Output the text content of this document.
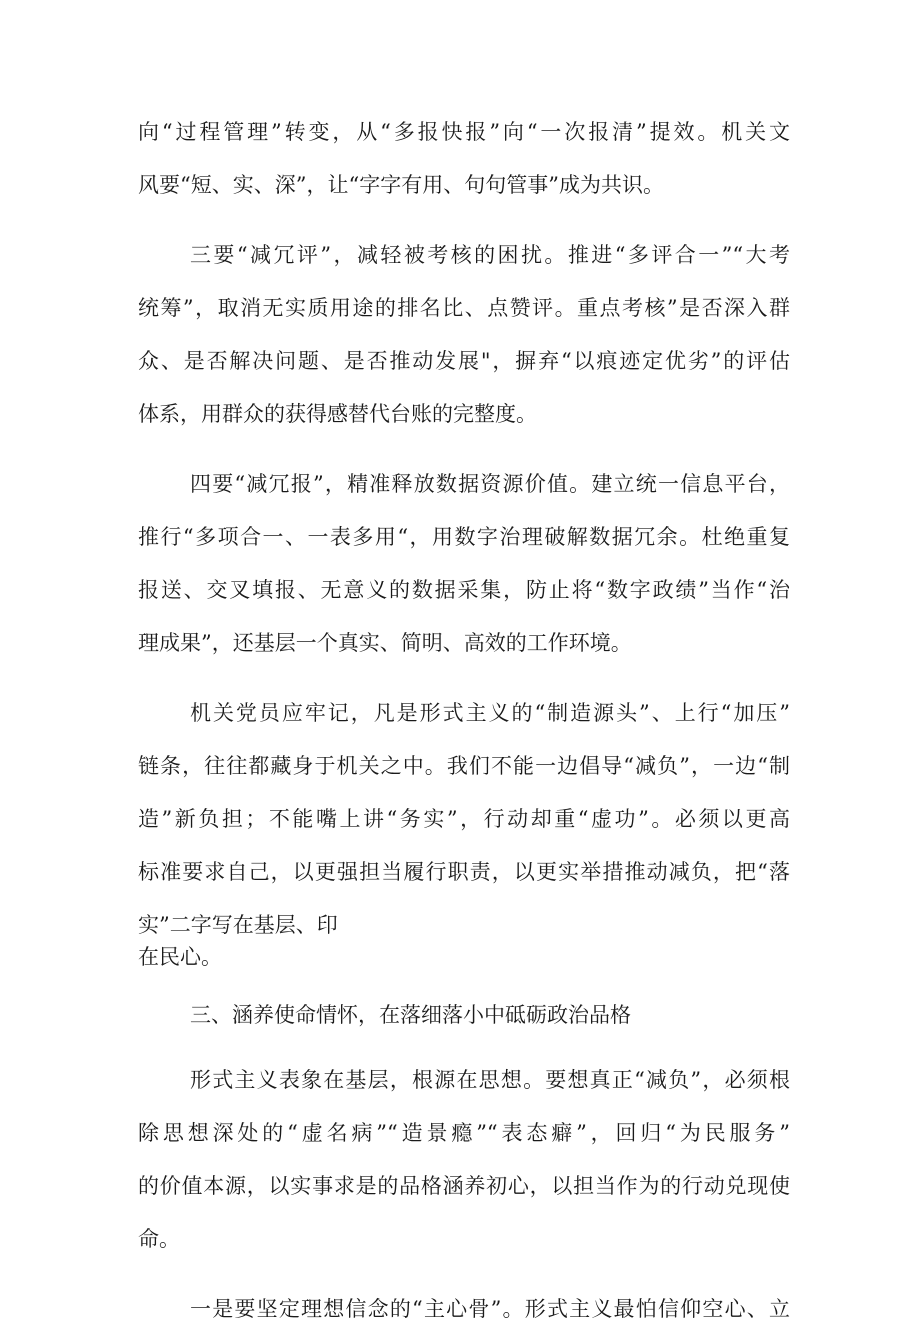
向“过程管理”转变，从“多报快报”向“一次报清”提效。机关文
风要“短、实、深”，让“字字有用、句句管事”成为共识。
三要“减冗评”，减轻被考核的困扰。推进“多评合一”“大考
统筹”，取消无实质用途的排名比、点赞评。重点考核”是否深入群
众、是否解决问题、是否推动发展"，摒弃“以痕迹定优劣”的评估
体系，用群众的获得感替代台账的完整度。
四要“减冗报”，精准释放数据资源价值。建立统一信息平台，
推行“多项合一、一表多用“，用数字治理破解数据冗余。杜绝重复
报送、交叉填报、无意义的数据采集，防止将“数字政绩”当作“治
理成果”，还基层一个真实、简明、高效的工作环境。
机关党员应牢记，凡是形式主义的“制造源头”、上行“加压”
链条，往往都藏身于机关之中。我们不能一边倡导“减负”，一边“制
造”新负担；不能嘴上讲“务实”，行动却重“虚功”。必须以更高
标准要求自己，以更强担当履行职责，以更实举措推动减负，把“落
实”二字写在基层、印
在民心。
三、涵养使命情怀，在落细落小中砥砺政治品格
形式主义表象在基层，根源在思想。要想真正“减负”，必须根
除思想深处的“虚名病”“造景瘾”“表态癖”，回归“为民服务”
的价值本源，以实事求是的品格涵养初心，以担当作为的行动兑现使
命。
一是要坚定理想信念的“主心骨”。形式主义最怕信仰空心、立
